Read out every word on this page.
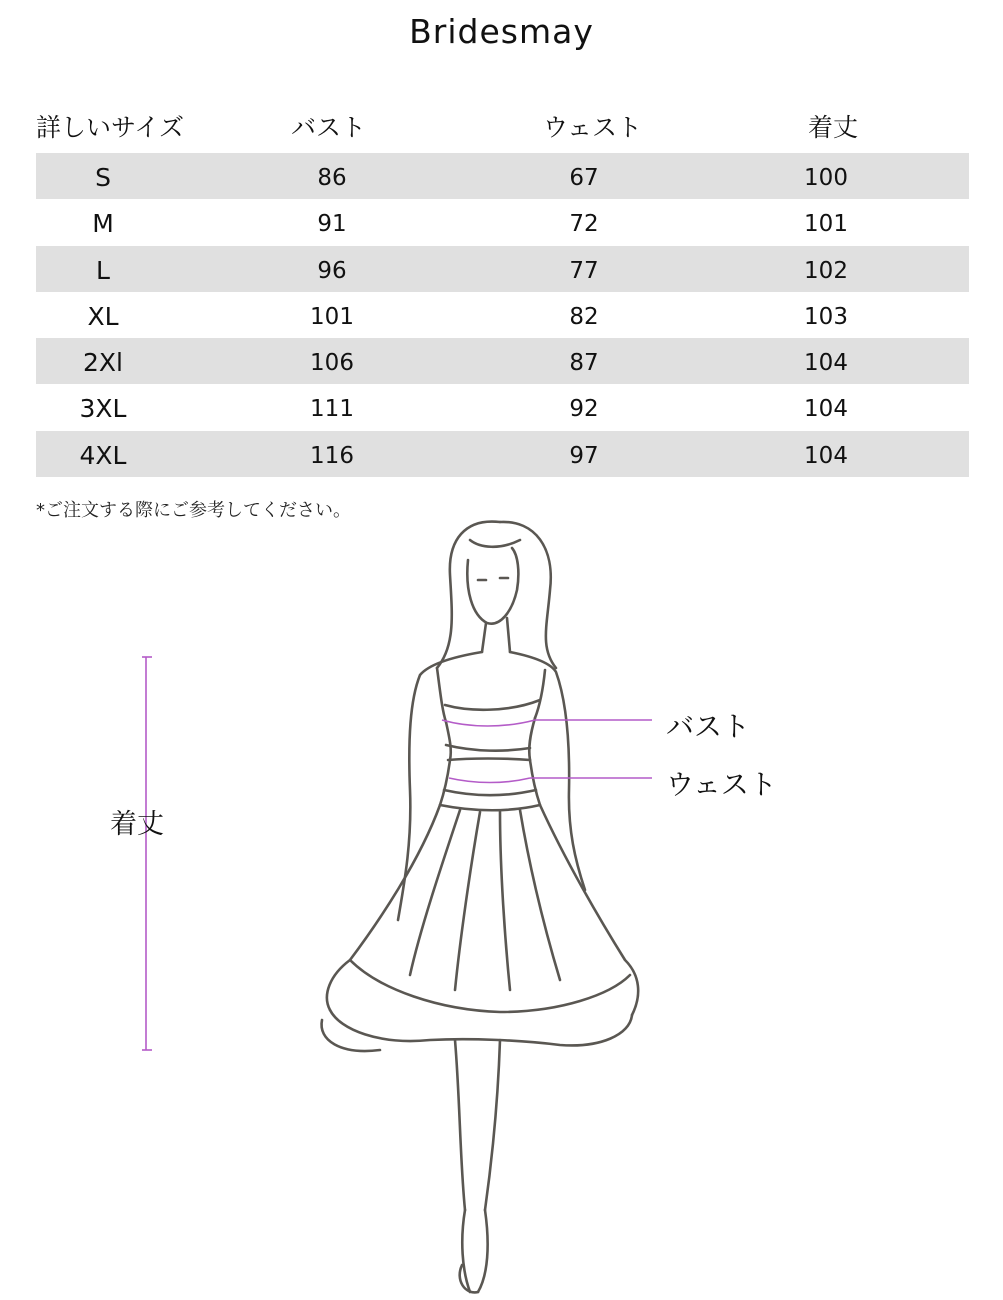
Bridesmay
詳しいサイズ	バスト	ウェスト	着丈
S	86	67	100
M	91	72	101
L	96	77	102
XL	101	82	103
2Xl	106	87	104
3XL	111	92	104
4XL	116	97	104
*ご注文する際にご参考してください。
バスト
ウェスト
着丈
